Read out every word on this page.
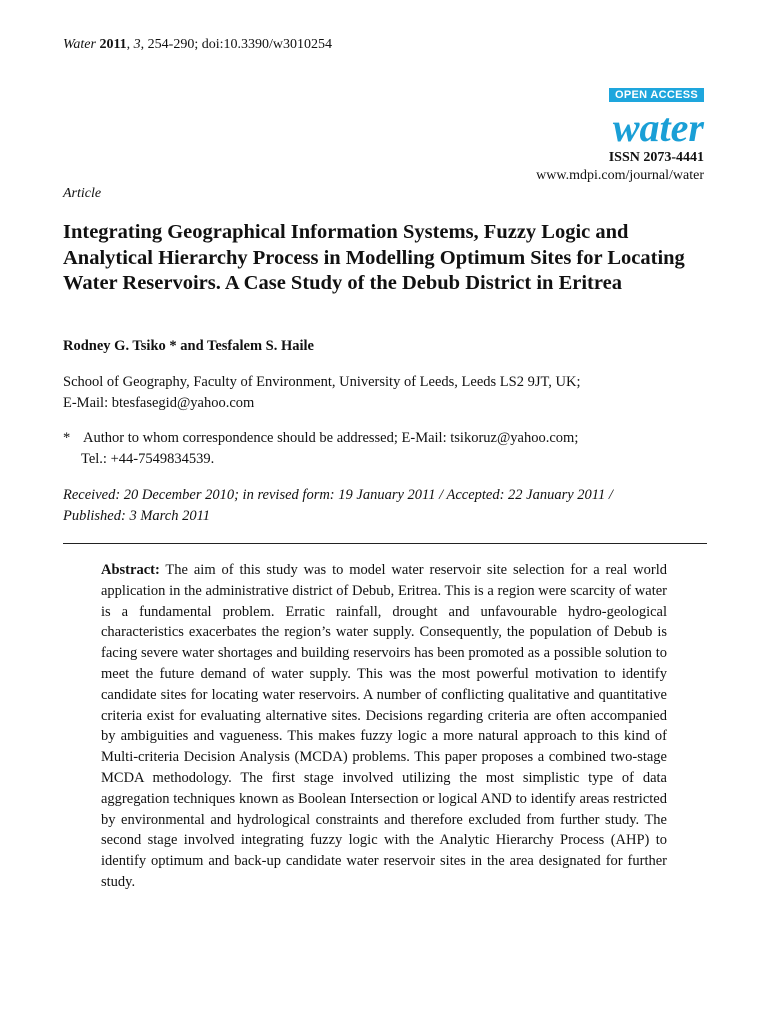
Water 2011, 3, 254-290; doi:10.3390/w3010254
OPEN ACCESS
water
ISSN 2073-4441
www.mdpi.com/journal/water
Article
Integrating Geographical Information Systems, Fuzzy Logic and Analytical Hierarchy Process in Modelling Optimum Sites for Locating Water Reservoirs. A Case Study of the Debub District in Eritrea
Rodney G. Tsiko * and Tesfalem S. Haile
School of Geography, Faculty of Environment, University of Leeds, Leeds LS2 9JT, UK;
E-Mail: btesfasegid@yahoo.com
* Author to whom correspondence should be addressed; E-Mail: tsikoruz@yahoo.com;
Tel.: +44-7549834539.
Received: 20 December 2010; in revised form: 19 January 2011 / Accepted: 22 January 2011 /
Published: 3 March 2011

Abstract: The aim of this study was to model water reservoir site selection for a real world application in the administrative district of Debub, Eritrea. This is a region were scarcity of water is a fundamental problem. Erratic rainfall, drought and unfavourable hydro-geological characteristics exacerbates the region’s water supply. Consequently, the population of Debub is facing severe water shortages and building reservoirs has been promoted as a possible solution to meet the future demand of water supply. This was the most powerful motivation to identify candidate sites for locating water reservoirs. A number of conflicting qualitative and quantitative criteria exist for evaluating alternative sites. Decisions regarding criteria are often accompanied by ambiguities and vagueness. This makes fuzzy logic a more natural approach to this kind of Multi-criteria Decision Analysis (MCDA) problems. This paper proposes a combined two-stage MCDA methodology. The first stage involved utilizing the most simplistic type of data aggregation techniques known as Boolean Intersection or logical AND to identify areas restricted by environmental and hydrological constraints and therefore excluded from further study. The second stage involved integrating fuzzy logic with the Analytic Hierarchy Process (AHP) to identify optimum and back-up candidate water reservoir sites in the area designated for further study.
